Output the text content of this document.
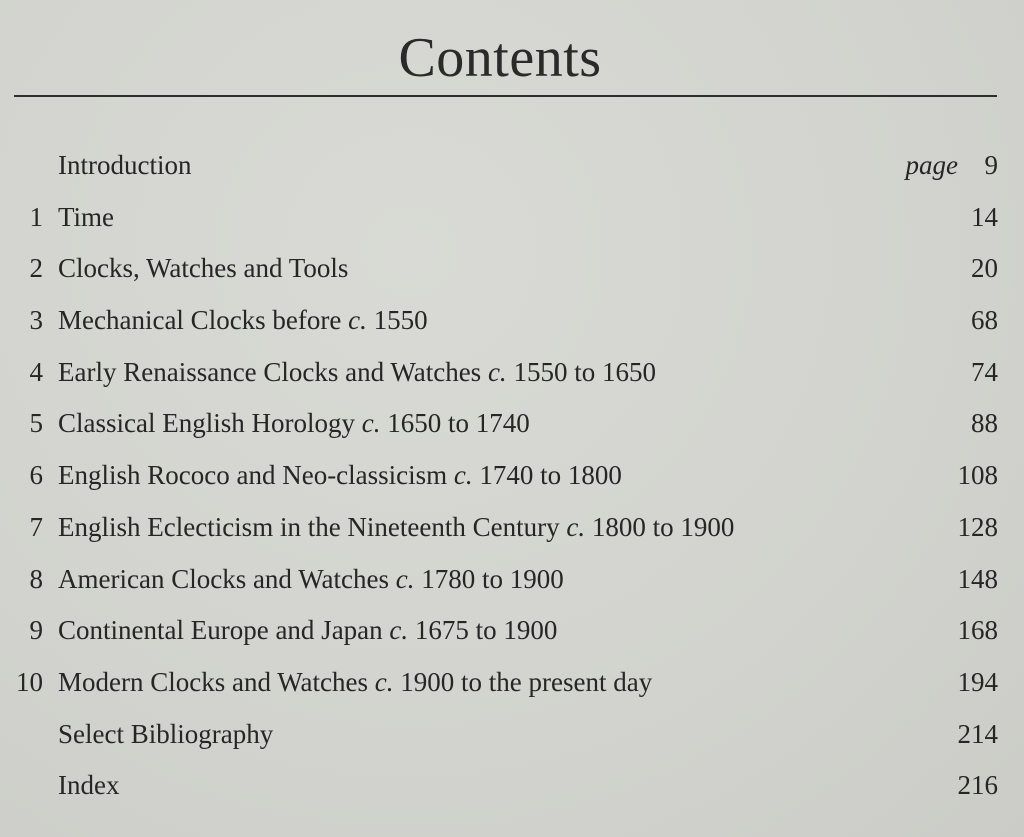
Contents
Introduction	page 9
1 Time	14
2 Clocks, Watches and Tools	20
3 Mechanical Clocks before c. 1550	68
4 Early Renaissance Clocks and Watches c. 1550 to 1650	74
5 Classical English Horology c. 1650 to 1740	88
6 English Rococo and Neo-classicism c. 1740 to 1800	108
7 English Eclecticism in the Nineteenth Century c. 1800 to 1900	128
8 American Clocks and Watches c. 1780 to 1900	148
9 Continental Europe and Japan c. 1675 to 1900	168
10 Modern Clocks and Watches c. 1900 to the present day	194
Select Bibliography	214
Index	216
